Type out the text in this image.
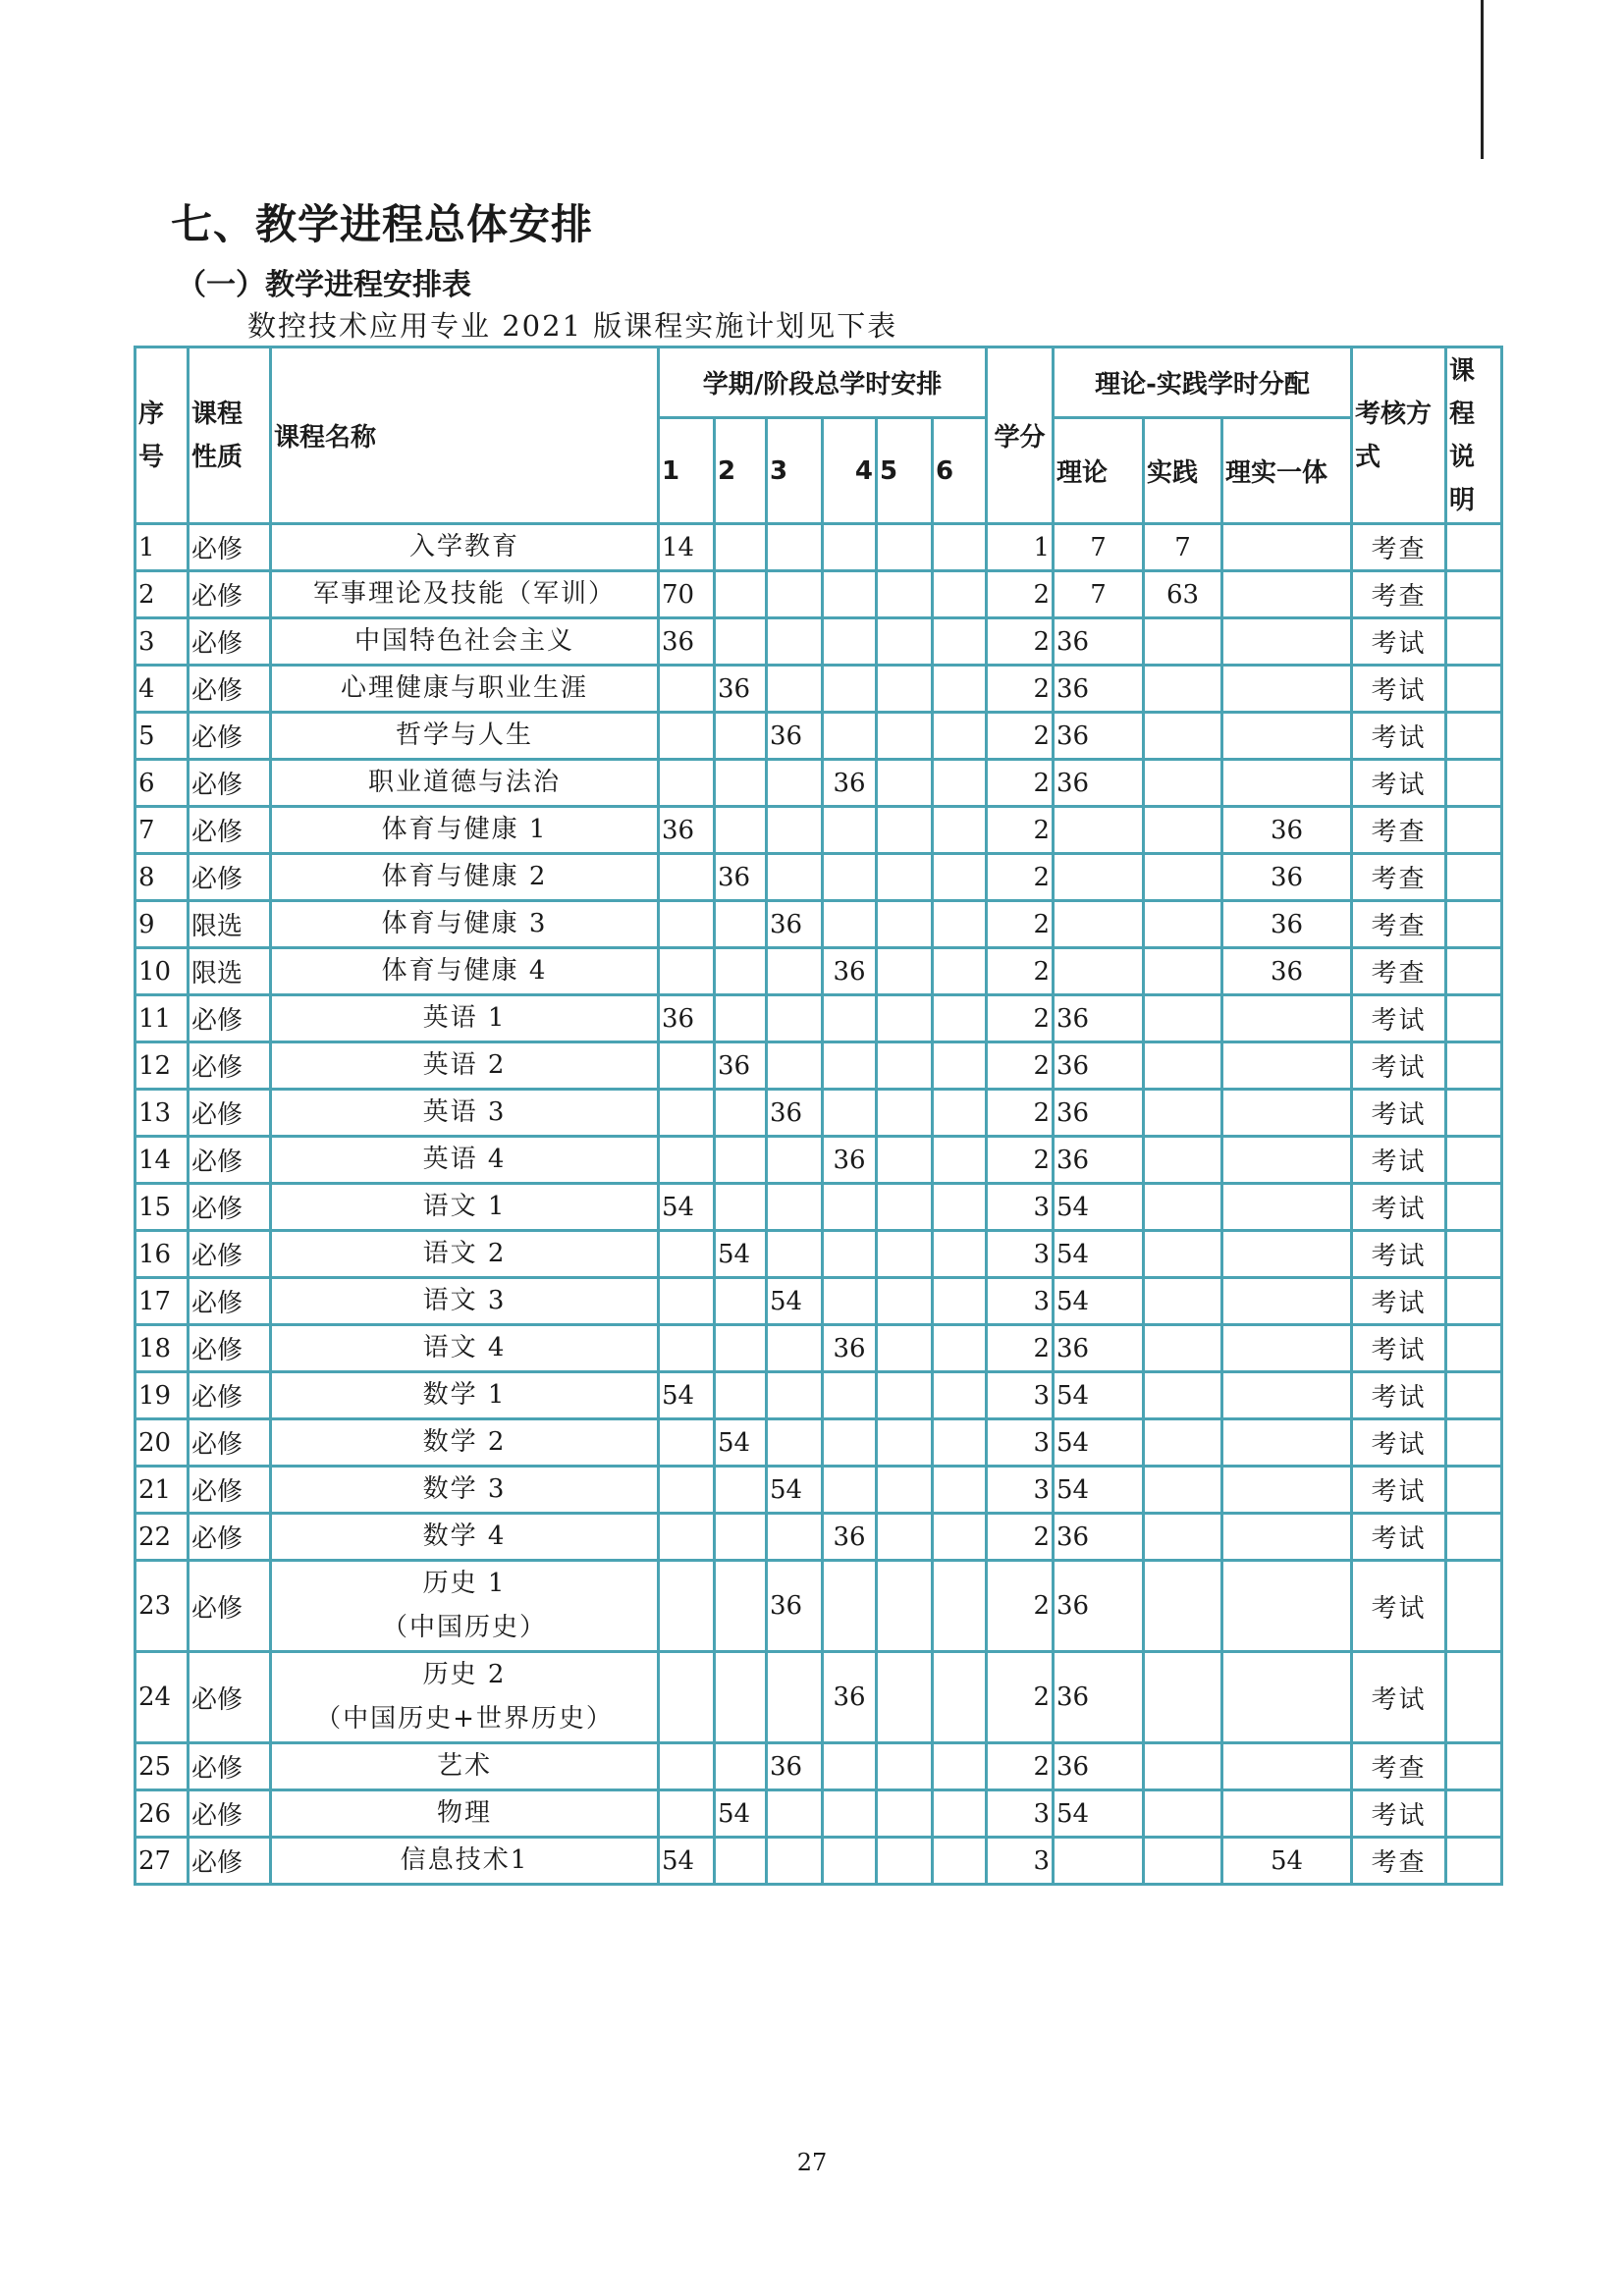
七、教学进程总体安排
（一）教学进程安排表
数控技术应用专业 2021 版课程实施计划见下表
序号	课程性质	课程名称	学期/阶段总学时安排						学分	理论-实践学时分配			考核方式	课程说明
			1	2	3	4	5	6		理论	实践	理实一体		
1	必修	入学教育	14						1	7	7		考查	
2	必修	军事理论及技能（军训）	70						2	7	63		考查	
3	必修	中国特色社会主义	36						2	36			考试	
4	必修	心理健康与职业生涯		36					2	36			考试	
5	必修	哲学与人生			36				2	36			考试	
6	必修	职业道德与法治				36			2	36			考试	
7	必修	体育与健康 1	36						2			36	考查	
8	必修	体育与健康 2		36					2			36	考查	
9	限选	体育与健康 3			36				2			36	考查	
10	限选	体育与健康 4				36			2			36	考查	
11	必修	英语 1	36						2	36			考试	
12	必修	英语 2		36					2	36			考试	
13	必修	英语 3			36				2	36			考试	
14	必修	英语 4				36			2	36			考试	
15	必修	语文 1	54						3	54			考试	
16	必修	语文 2		54					3	54			考试	
17	必修	语文 3			54				3	54			考试	
18	必修	语文 4				36			2	36			考试	
19	必修	数学 1	54						3	54			考试	
20	必修	数学 2		54					3	54			考试	
21	必修	数学 3			54				3	54			考试	
22	必修	数学 4				36			2	36			考试	
23	必修	历史 1
（中国历史）			36				2	36			考试	
24	必修	历史 2
（中国历史+世界历史）				36			2	36			考试	
25	必修	艺术			36				2	36			考查	
26	必修	物理		54					3	54			考试	
27	必修	信息技术1	54						3			54	考查	
27
